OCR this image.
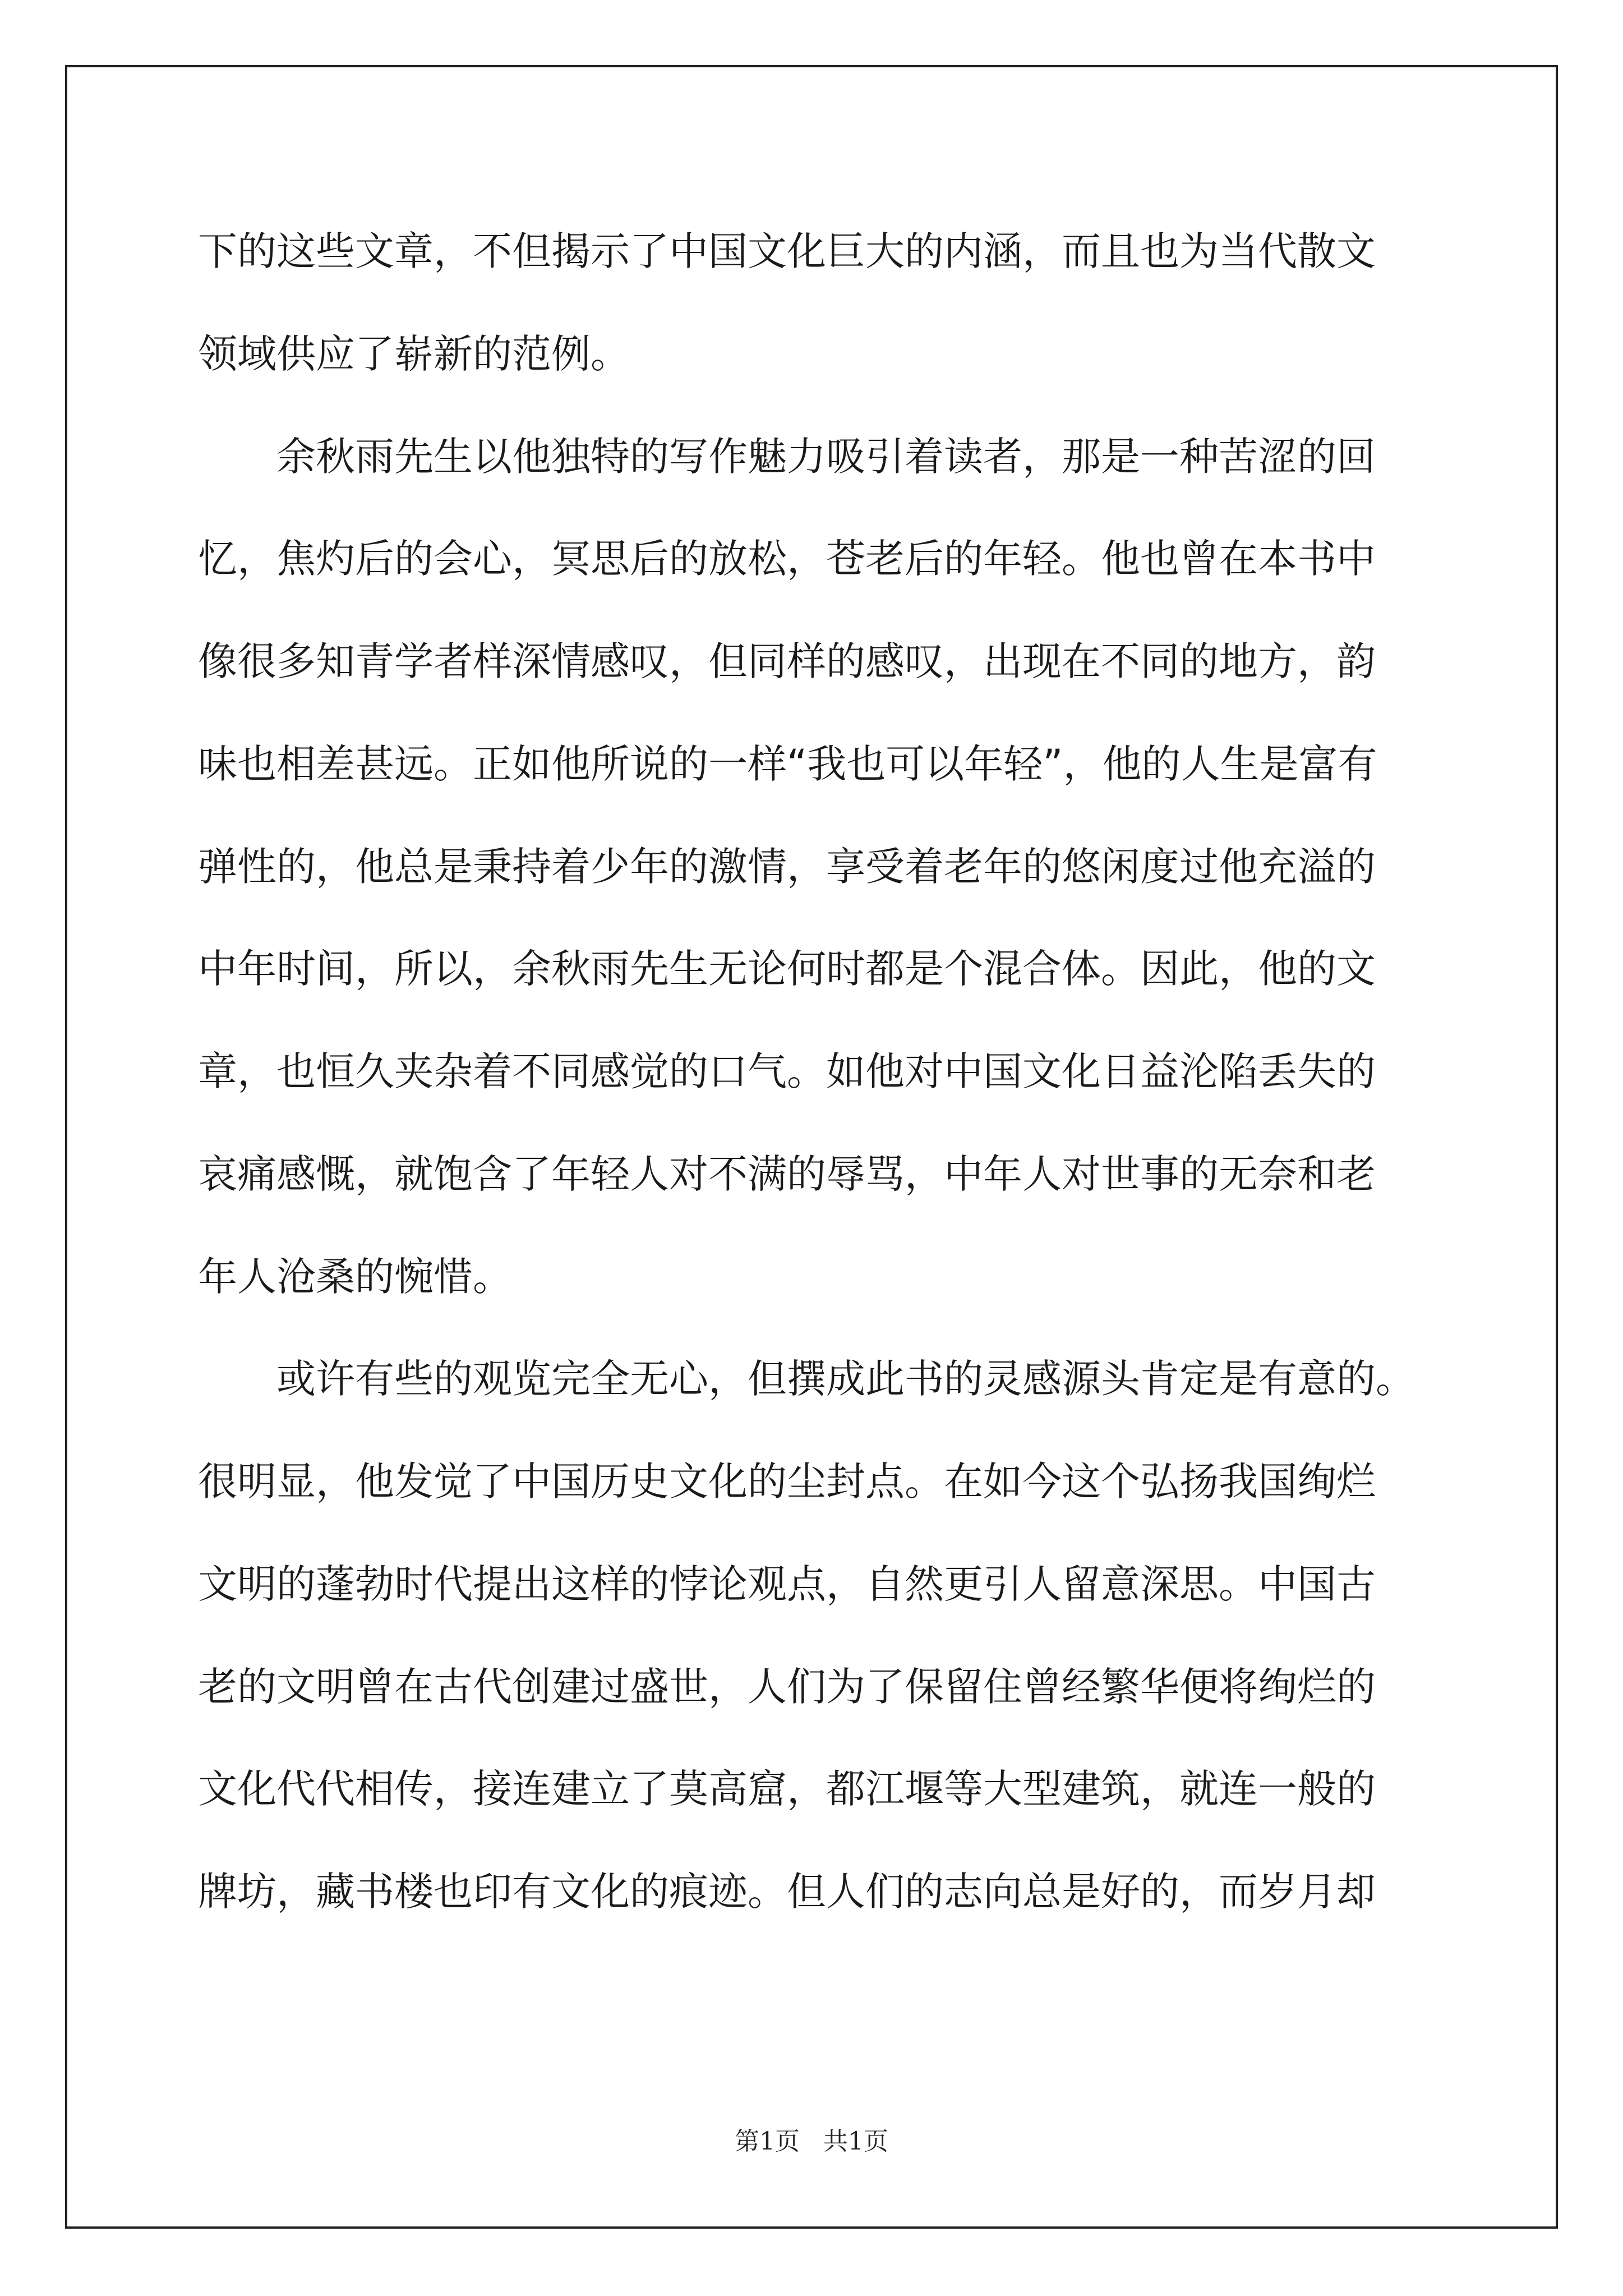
下的这些文章，不但揭示了中国文化巨大的内涵，而且也为当代散文

领域供应了崭新的范例。

余秋雨先生以他独特的写作魅力吸引着读者，那是一种苦涩的回

忆，焦灼后的会心，冥思后的放松，苍老后的年轻。他也曾在本书中

像很多知青学者样深情感叹，但同样的感叹，出现在不同的地方，韵

味也相差甚远。正如他所说的一样“我也可以年轻”，他的人生是富有

弹性的，他总是秉持着少年的激情，享受着老年的悠闲度过他充溢的

中年时间，所以，余秋雨先生无论何时都是个混合体。因此，他的文

章，也恒久夹杂着不同感觉的口气。如他对中国文化日益沦陷丢失的

哀痛感慨，就饱含了年轻人对不满的辱骂，中年人对世事的无奈和老

年人沧桑的惋惜。

或许有些的观览完全无心，但撰成此书的灵感源头肯定是有意的。

很明显，他发觉了中国历史文化的尘封点。在如今这个弘扬我国绚烂

文明的蓬勃时代提出这样的悖论观点，自然更引人留意深思。中国古

老的文明曾在古代创建过盛世，人们为了保留住曾经繁华便将绚烂的

文化代代相传，接连建立了莫高窟，都江堰等大型建筑，就连一般的

牌坊，藏书楼也印有文化的痕迹。但人们的志向总是好的，而岁月却

第1页   共1页
